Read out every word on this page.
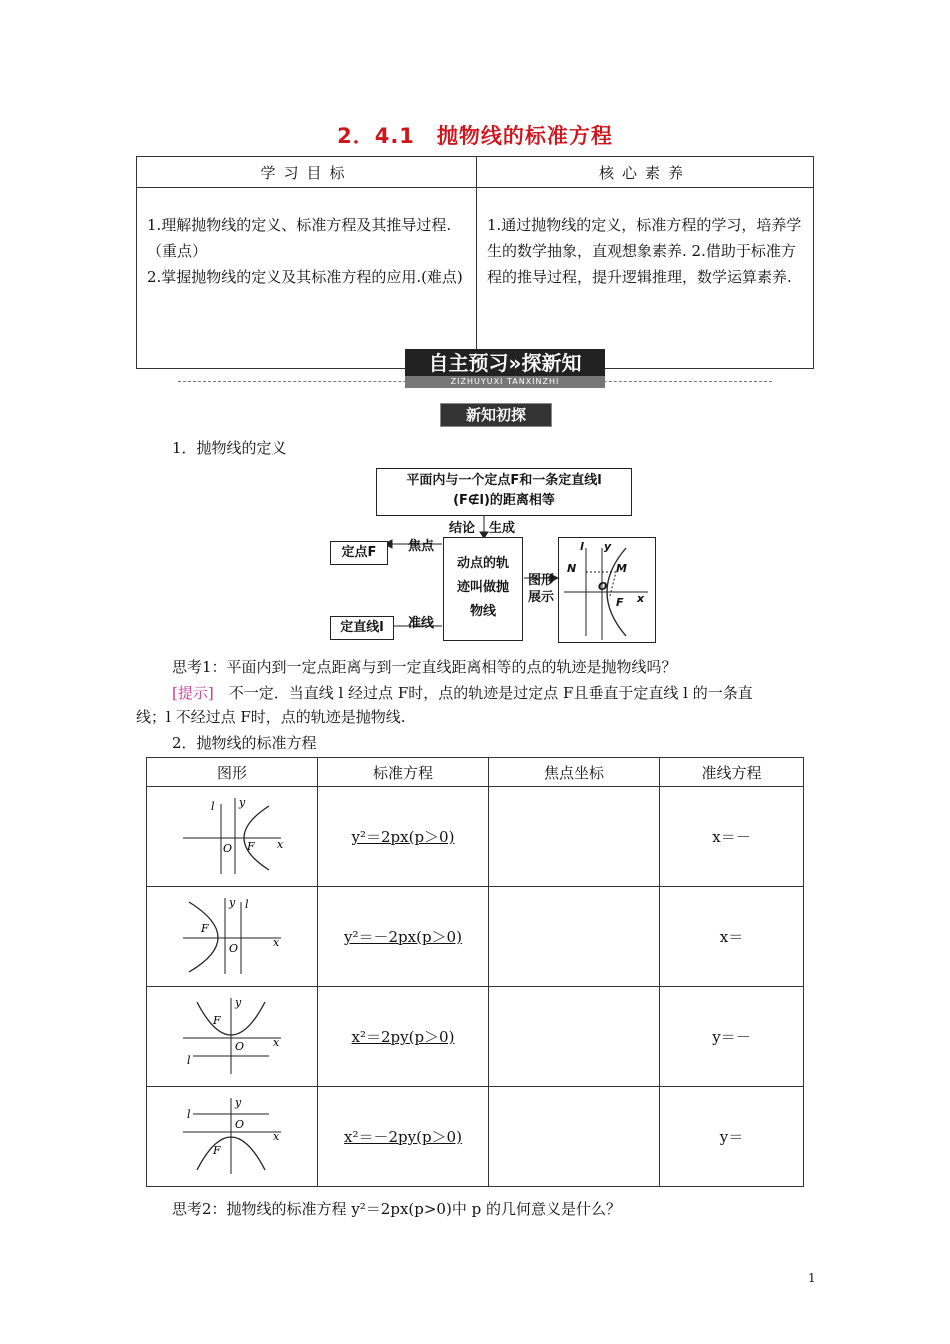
2．4.1　抛物线的标准方程
学习目标	核心素养

1.理解抛物线的定义、标准方程及其推导过程.（重点）
2.掌握抛物线的定义及其标准方程的应用.(难点)	1.通过抛物线的定义，标准方程的学习，培养学生的数学抽象，直观想象素养. 2.借助于标准方程的推导过程，提升逻辑推理，数学运算素养.
自主预习»探新知
ZIZHUYUXI TANXINZHI
新知初探
1．抛物线的定义
平面内与一个定点F和一条定直线l
(F∉l)的距离相等
结论 生成
动点的轨
迹叫做抛
物线
焦点
定点F
准线
定直线l
图形
展示
l y
N	M
O
F x
思考1：平面内到一定点距离与到一定直线距离相等的点的轨迹是抛物线吗？
[提示]　不一定．当直线 l 经过点 F时，点的轨迹是过定点 F且垂直于定直线 l 的一条直
线；l 不经过点 F时，点的轨迹是抛物线.
2．抛物线的标准方程
图形	标准方程	焦点坐标	准线方程

l y
O F x	y²＝2px(p＞0)		x＝－

y l
F
O x	y²＝－2px(p＞0)		x＝

y
F
O x
l	x²＝2py(p＞0)		y＝－

y
l
O
x
F	x²＝－2py(p＞0)		y＝
思考2：抛物线的标准方程 y²＝2px(p>0)中 p 的几何意义是什么？
1
